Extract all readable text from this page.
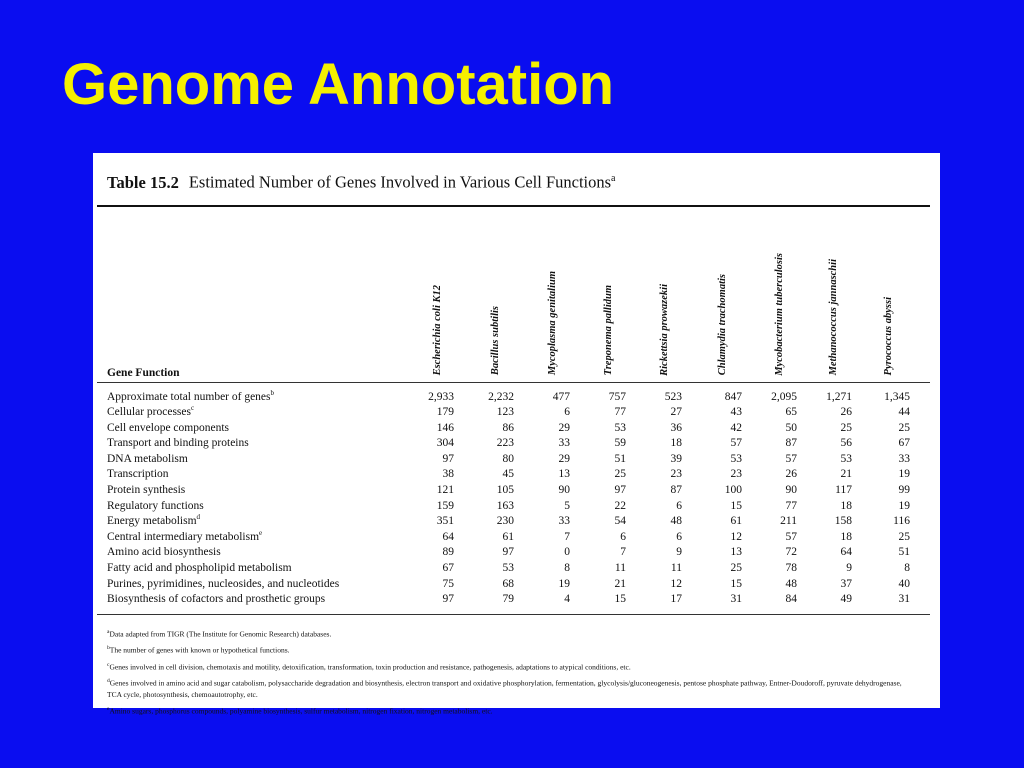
Genome Annotation
Table 15.2 Estimated Number of Genes Involved in Various Cell Functions$^a$
Gene Function	Escherichia coli K12	Bacillus subtilis	Mycoplasma genitalium	Treponema pallidum	Rickettsia prowazekii	Chlamydia trachomatis	Mycobacterium tuberculosis	Methanococcus jannaschii	Pyrococcus abyssi
Approximate total number of genes$^b$	2,933	2,232	477	757	523	847	2,095	1,271	1,345
Cellular processes$^c$	179	123	6	77	27	43	65	26	44
Cell envelope components	146	86	29	53	36	42	50	25	25
Transport and binding proteins	304	223	33	59	18	57	87	56	67
DNA metabolism	97	80	29	51	39	53	57	53	33
Transcription	38	45	13	25	23	23	26	21	19
Protein synthesis	121	105	90	97	87	100	90	117	99
Regulatory functions	159	163	5	22	6	15	77	18	19
Energy metabolism$^d$	351	230	33	54	48	61	211	158	116
Central intermediary metabolism$^e$	64	61	7	6	6	12	57	18	25
Amino acid biosynthesis	89	97	0	7	9	13	72	64	51
Fatty acid and phospholipid metabolism	67	53	8	11	11	25	78	9	8
Purines, pyrimidines, nucleosides, and nucleotides	75	68	19	21	12	15	48	37	40
Biosynthesis of cofactors and prosthetic groups	97	79	4	15	17	31	84	49	31
$^a$Data adapted from TIGR (The Institute for Genomic Research) databases.
$^b$The number of genes with known or hypothetical functions.
$^c$Genes involved in cell division, chemotaxis and motility, detoxification, transformation, toxin production and resistance, pathogenesis, adaptations to atypical conditions, etc.
$^d$Genes involved in amino acid and sugar catabolism, polysaccharide degradation and biosynthesis, electron transport and oxidative phosphorylation, fermentation, glycolysis/gluconeogenesis, pentose phosphate pathway, Entner-Doudoroff, pyruvate dehydrogenase, TCA cycle, photosynthesis, chemoautotrophy, etc.
$^e$Amino sugars, phosphorus compounds, polyamine biosynthesis, sulfur metabolism, nitrogen fixation, nitrogen metabolism, etc.
